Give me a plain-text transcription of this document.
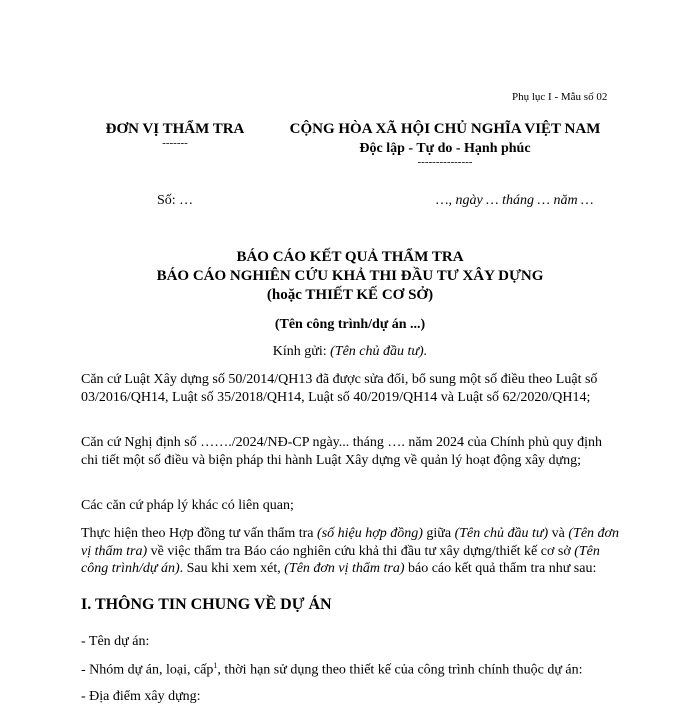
Phụ lục I - Mẫu số 02
ĐƠN VỊ THẨM TRA
-------
CỘNG HÒA XÃ HỘI CHỦ NGHĨA VIỆT NAM
Độc lập - Tự do - Hạnh phúc
---------------
Số: …	…, ngày … tháng … năm …
BÁO CÁO KẾT QUẢ THẨM TRA
BÁO CÁO NGHIÊN CỨU KHẢ THI ĐẦU TƯ XÂY DỰNG
(hoặc THIẾT KẾ CƠ SỞ)
(Tên công trình/dự án ...)
Kính gửi: (Tên chủ đầu tư).
Căn cứ Luật Xây dựng số 50/2014/QH13 đã được sửa đổi, bổ sung một số điều theo Luật số 03/2016/QH14, Luật số 35/2018/QH14, Luật số 40/2019/QH14 và Luật số 62/2020/QH14;
Căn cứ Nghị định số ……./2024/NĐ-CP ngày... tháng …. năm 2024 của Chính phủ quy định chi tiết một số điều và biện pháp thi hành Luật Xây dựng về quản lý hoạt động xây dựng;
Các căn cứ pháp lý khác có liên quan;
Thực hiện theo Hợp đồng tư vấn thẩm tra (số hiệu hợp đồng) giữa (Tên chủ đầu tư) và (Tên đơn vị thẩm tra) về việc thẩm tra Báo cáo nghiên cứu khả thi đầu tư xây dựng/thiết kế cơ sở (Tên công trình/dự án). Sau khi xem xét, (Tên đơn vị thẩm tra) báo cáo kết quả thẩm tra như sau:
I. THÔNG TIN CHUNG VỀ DỰ ÁN
- Tên dự án:
- Nhóm dự án, loại, cấp$^1$, thời hạn sử dụng theo thiết kế của công trình chính thuộc dự án:
- Địa điểm xây dựng:
